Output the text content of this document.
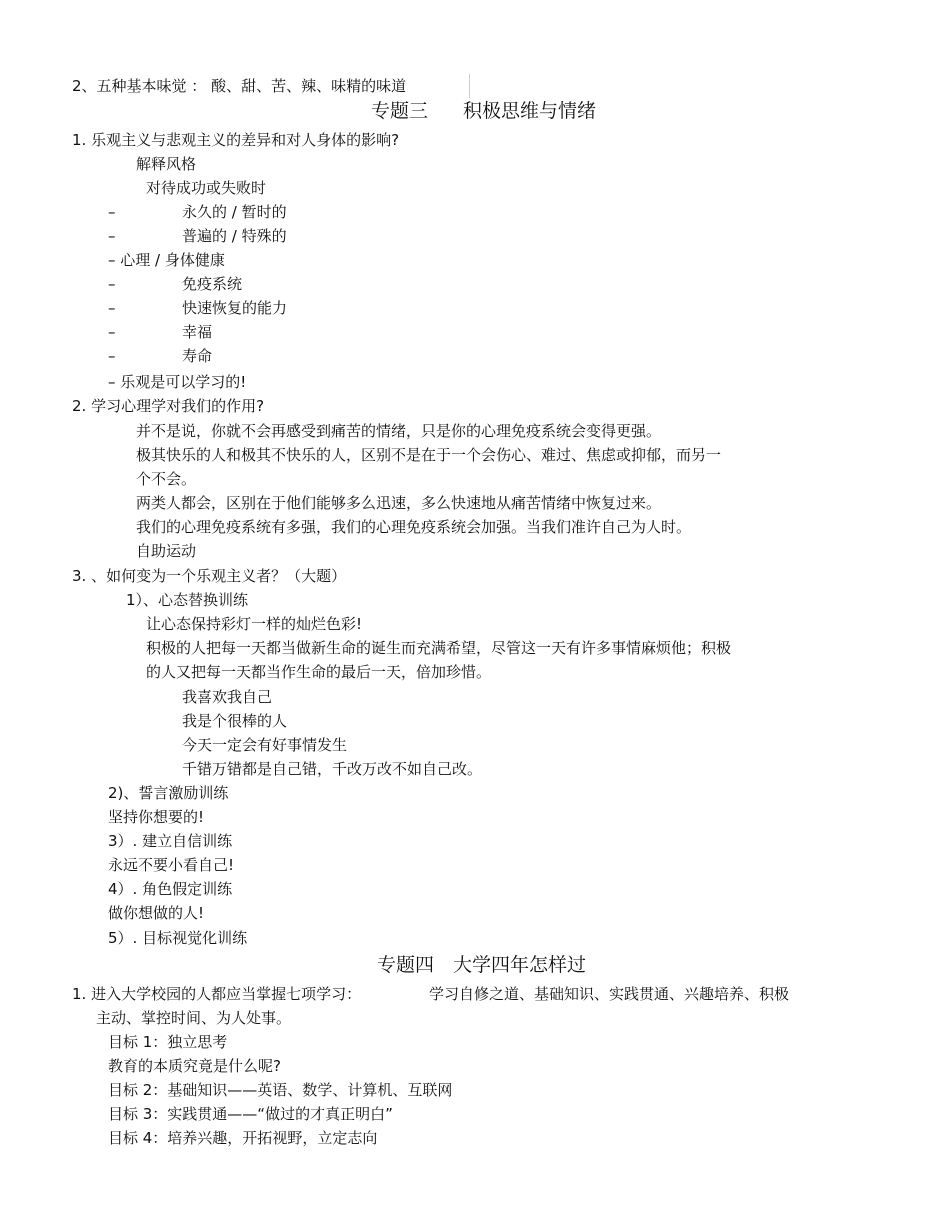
2、五种基本味觉 ： 酸、甜、苦、辣、味精的味道
专题三 积极思维与情绪
1. 乐观主义与悲观主义的差异和对人身体的影响?
解释风格
对待成功或失败时
–	永久的 / 暂时的
–	普遍的 / 特殊的
– 心理 / 身体健康
–	免疫系统
–	快速恢复的能力
–	幸福
–	寿命
– 乐观是可以学习的!
2. 学习心理学对我们的作用?
并不是说，你就不会再感受到痛苦的情绪，只是你的心理免疫系统会变得更强。
极其快乐的人和极其不快乐的人，区别不是在于一个会伤心、难过、焦虑或抑郁，而另一
个不会。
两类人都会，区别在于他们能够多么迅速，多么快速地从痛苦情绪中恢复过来。
我们的心理免疫系统有多强，我们的心理免疫系统会加强。当我们准许自己为人时。
自助运动
3. 、如何变为一个乐观主义者？（大题）
1）、心态替换训练
让心态保持彩灯一样的灿烂色彩!
积极的人把每一天都当做新生命的诞生而充满希望，尽管这一天有许多事情麻烦他；积极
的人又把每一天都当作生命的最后一天，倍加珍惜。
我喜欢我自己
我是个很棒的人
今天一定会有好事情发生
千错万错都是自己错，千改万改不如自己改。
2)、誓言激励训练
坚持你想要的!
3）. 建立自信训练
永远不要小看自己!
4）. 角色假定训练
做你想做的人!
5）. 目标视觉化训练
专题四　大学四年怎样过
1. 进入大学校园的人都应当掌握七项学习：	学习自修之道、基础知识、实践贯通、兴趣培养、积极
主动、掌控时间、为人处事。
目标 1：独立思考
教育的本质究竟是什么呢?
目标 2：基础知识——英语、数学、计算机、互联网
目标 3：实践贯通——“做过的才真正明白”
目标 4：培养兴趣，开拓视野，立定志向
